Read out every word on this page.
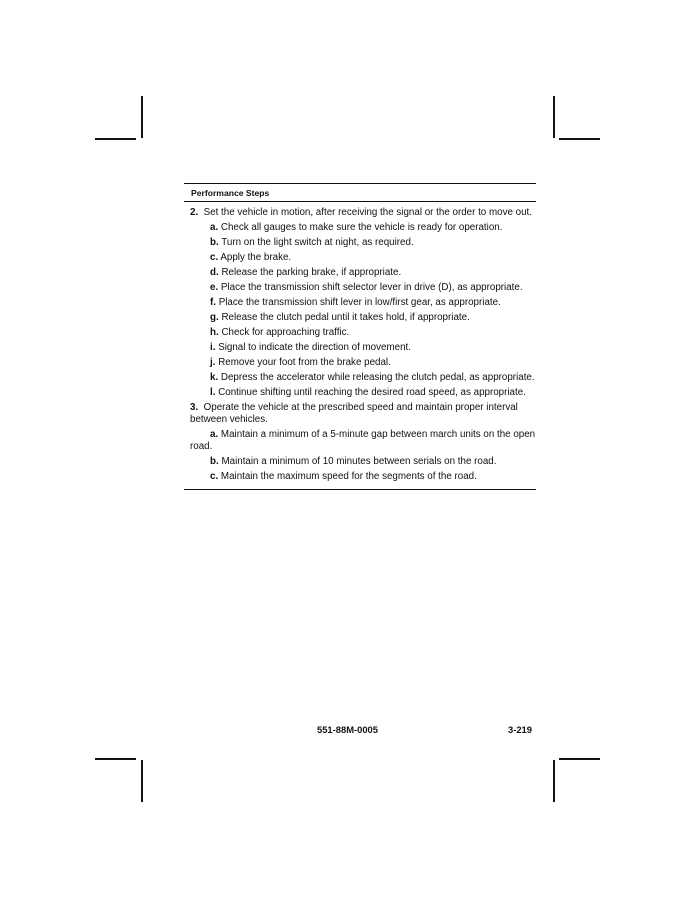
Performance Steps
2. Set the vehicle in motion, after receiving the signal or the order to move out.
a. Check all gauges to make sure the vehicle is ready for operation.
b. Turn on the light switch at night, as required.
c. Apply the brake.
d. Release the parking brake, if appropriate.
e. Place the transmission shift selector lever in drive (D), as appropriate.
f. Place the transmission shift lever in low/first gear, as appropriate.
g. Release the clutch pedal until it takes hold, if appropriate.
h. Check for approaching traffic.
i. Signal to indicate the direction of movement.
j. Remove your foot from the brake pedal.
k. Depress the accelerator while releasing the clutch pedal, as appropriate.
l. Continue shifting until reaching the desired road speed, as appropriate.
3. Operate the vehicle at the prescribed speed and maintain proper interval between vehicles.
a. Maintain a minimum of a 5-minute gap between march units on the open road.
b. Maintain a minimum of 10 minutes between serials on the road.
c. Maintain the maximum speed for the segments of the road.
551-88M-0005	3-219
